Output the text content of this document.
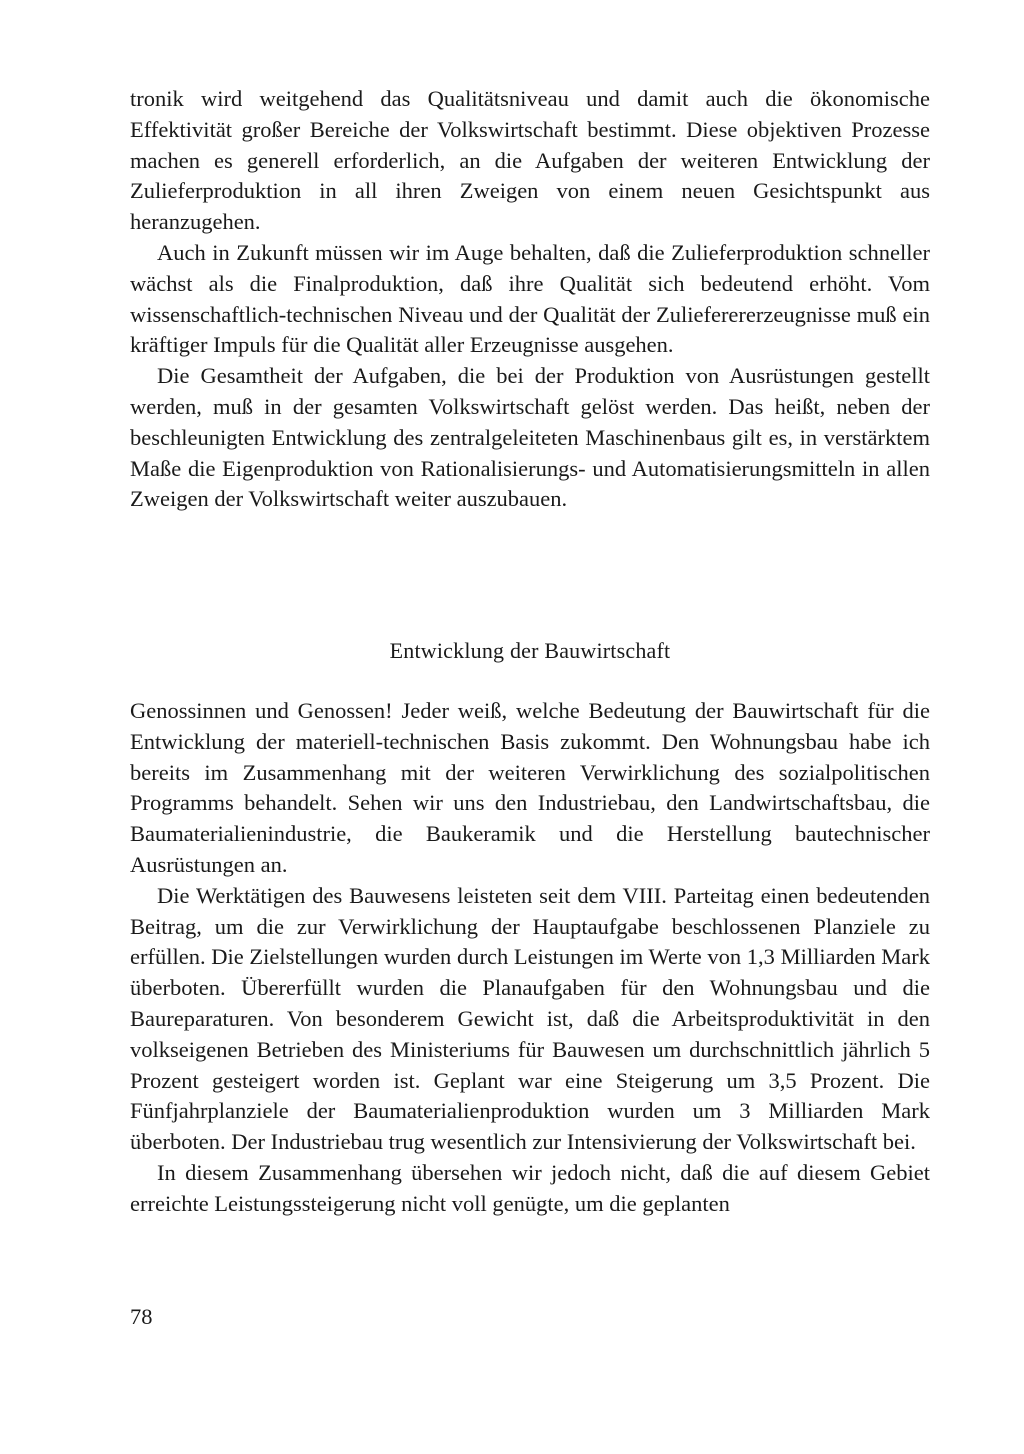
tronik wird weitgehend das Qualitätsniveau und damit auch die ökonomische Effektivität großer Bereiche der Volkswirtschaft bestimmt. Diese objektiven Prozesse machen es generell erforderlich, an die Aufgaben der weiteren Entwicklung der Zulieferproduktion in all ihren Zweigen von einem neuen Gesichtspunkt aus heranzugehen.

Auch in Zukunft müssen wir im Auge behalten, daß die Zulieferproduktion schneller wächst als die Finalproduktion, daß ihre Qualität sich bedeutend erhöht. Vom wissenschaftlich-technischen Niveau und der Qualität der Zulieferererzeugnisse muß ein kräftiger Impuls für die Qualität aller Erzeugnisse ausgehen.

Die Gesamtheit der Aufgaben, die bei der Produktion von Ausrüstungen gestellt werden, muß in der gesamten Volkswirtschaft gelöst werden. Das heißt, neben der beschleunigten Entwicklung des zentralgeleiteten Maschinenbaus gilt es, in verstärktem Maße die Eigenproduktion von Rationalisierungs- und Automatisierungsmitteln in allen Zweigen der Volkswirtschaft weiter auszubauen.

Entwicklung der Bauwirtschaft

Genossinnen und Genossen! Jeder weiß, welche Bedeutung der Bauwirtschaft für die Entwicklung der materiell-technischen Basis zukommt. Den Wohnungsbau habe ich bereits im Zusammenhang mit der weiteren Verwirklichung des sozialpolitischen Programms behandelt. Sehen wir uns den Industriebau, den Landwirtschaftsbau, die Baumaterialienindustrie, die Baukeramik und die Herstellung bautechnischer Ausrüstungen an.

Die Werktätigen des Bauwesens leisteten seit dem VIII. Parteitag einen bedeutenden Beitrag, um die zur Verwirklichung der Hauptaufgabe beschlossenen Planziele zu erfüllen. Die Zielstellungen wurden durch Leistungen im Werte von 1,3 Milliarden Mark überboten. Übererfüllt wurden die Planaufgaben für den Wohnungsbau und die Baureparaturen. Von besonderem Gewicht ist, daß die Arbeitsproduktivität in den volkseigenen Betrieben des Ministeriums für Bauwesen um durchschnittlich jährlich 5 Prozent gesteigert worden ist. Geplant war eine Steigerung um 3,5 Prozent. Die Fünfjahrplanziele der Baumaterialienproduktion wurden um 3 Milliarden Mark überboten. Der Industriebau trug wesentlich zur Intensivierung der Volkswirtschaft bei.

In diesem Zusammenhang übersehen wir jedoch nicht, daß die auf diesem Gebiet erreichte Leistungssteigerung nicht voll genügte, um die geplanten

78
